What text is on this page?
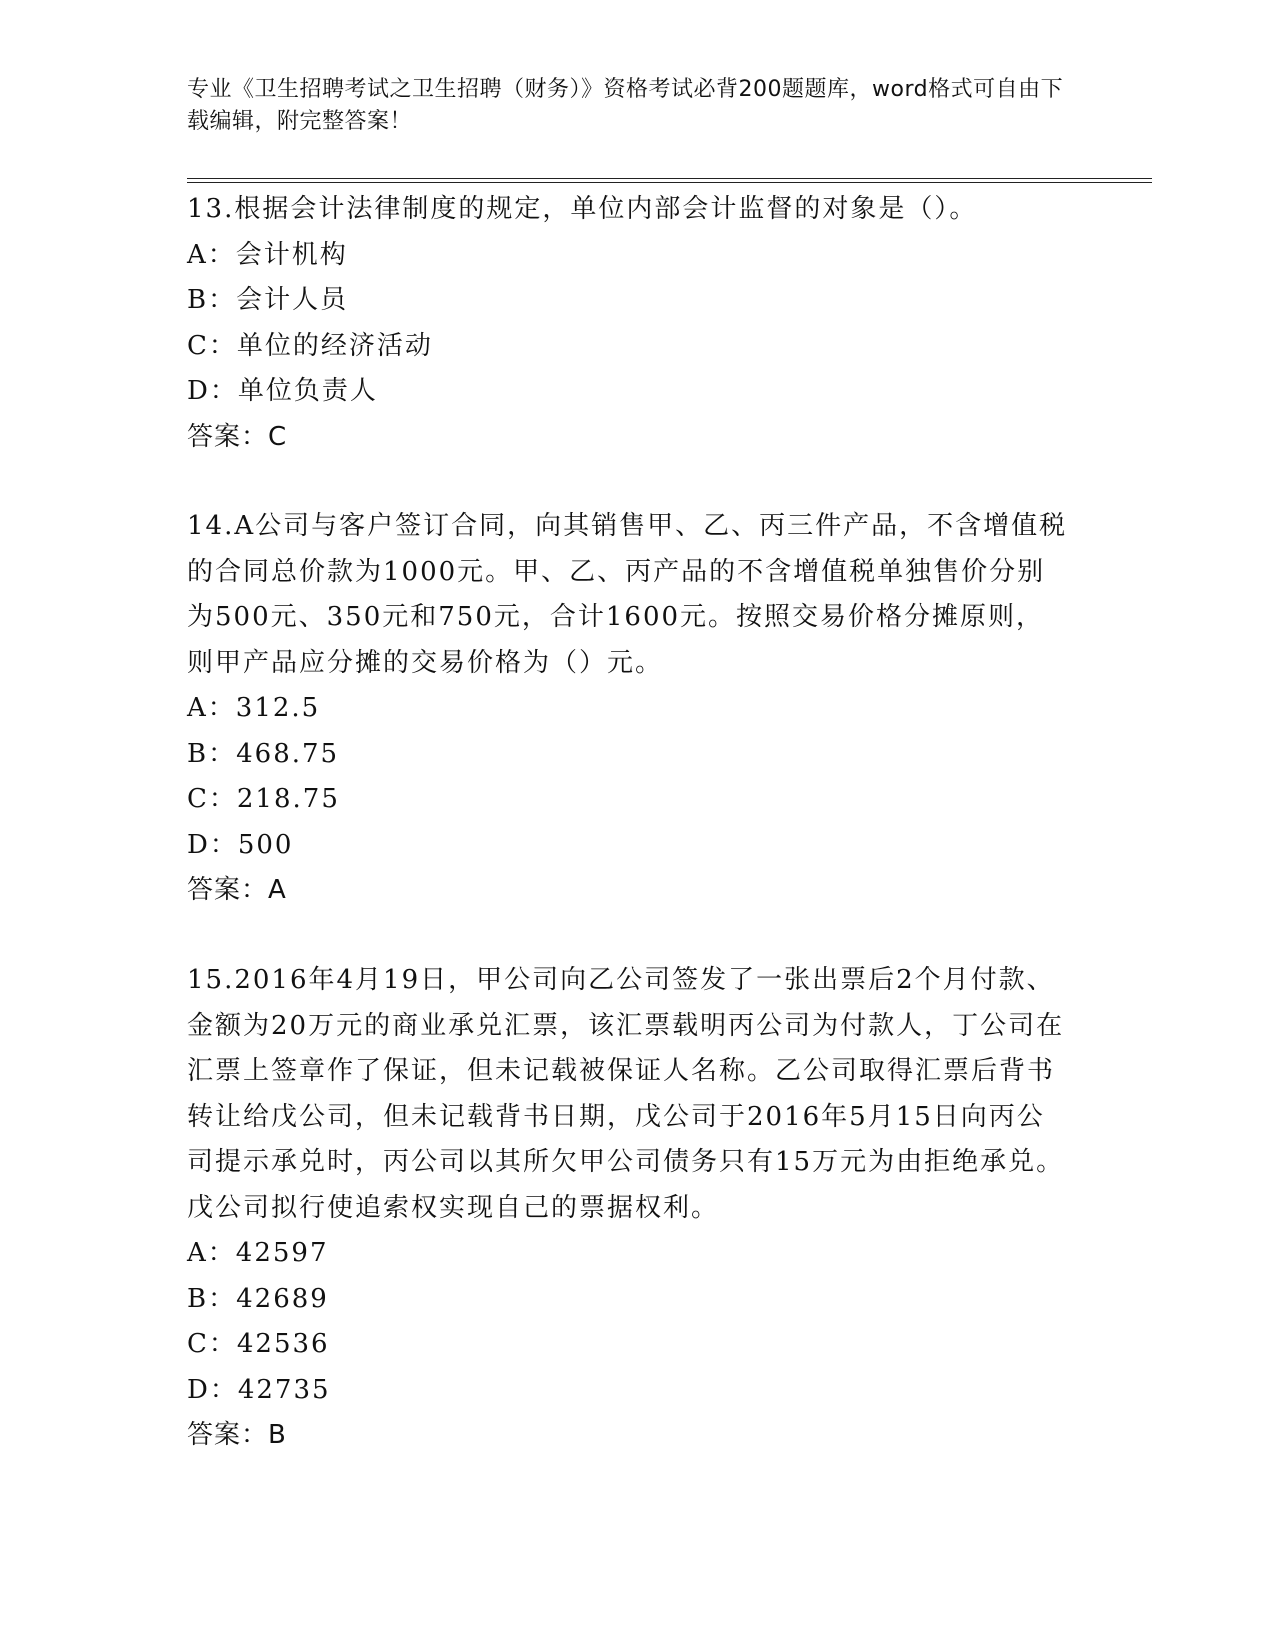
专业《卫生招聘考试之卫生招聘（财务）》资格考试必背200题题库，word格式可自由下载编辑，附完整答案！

13.根据会计法律制度的规定，单位内部会计监督的对象是（）。

A：会计机构

B：会计人员

C：单位的经济活动

D：单位负责人

答案：C

14.A公司与客户签订合同，向其销售甲、乙、丙三件产品，不含增值税的合同总价款为1000元。甲、乙、丙产品的不含增值税单独售价分别为500元、350元和750元，合计1600元。按照交易价格分摊原则，则甲产品应分摊的交易价格为（）元。

A：312.5

B：468.75

C：218.75

D：500

答案：A

15.2016年4月19日，甲公司向乙公司签发了一张出票后2个月付款、金额为20万元的商业承兑汇票，该汇票载明丙公司为付款人，丁公司在汇票上签章作了保证，但未记载被保证人名称。乙公司取得汇票后背书转让给戊公司，但未记载背书日期，戊公司于2016年5月15日向丙公司提示承兑时，丙公司以其所欠甲公司债务只有15万元为由拒绝承兑。戊公司拟行使追索权实现自己的票据权利。

A：42597

B：42689

C：42536

D：42735

答案：B
